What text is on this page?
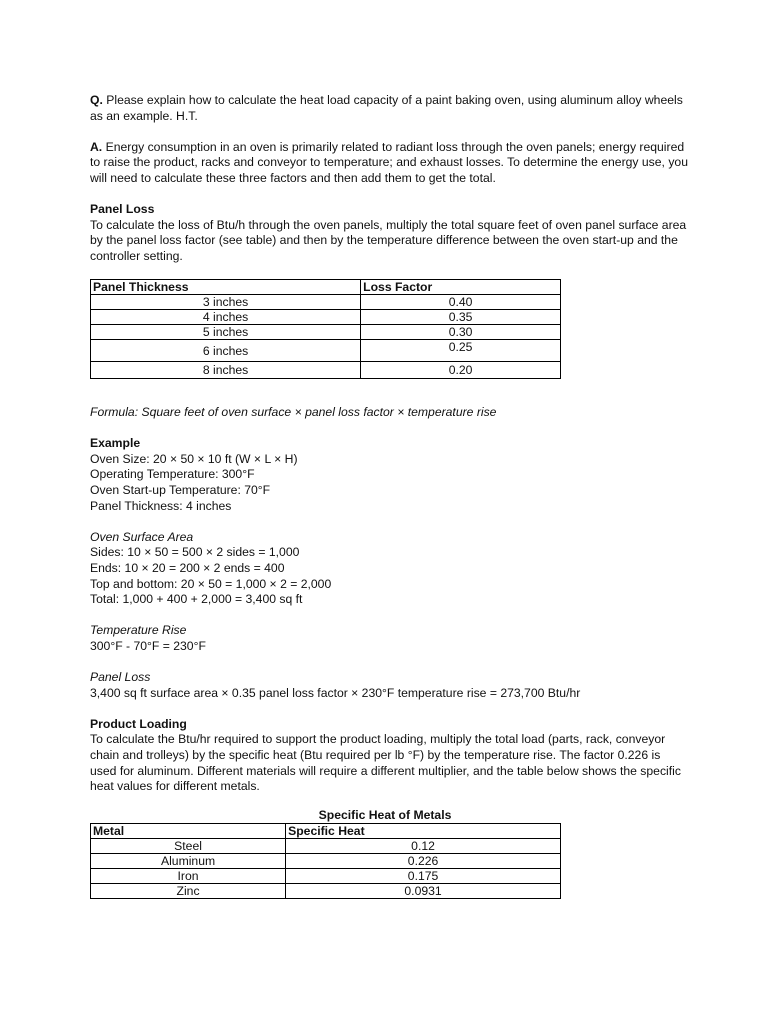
Q. Please explain how to calculate the heat load capacity of a paint baking oven, using aluminum alloy wheels as an example. H.T.

A. Energy consumption in an oven is primarily related to radiant loss through the oven panels; energy required to raise the product, racks and conveyor to temperature; and exhaust losses. To determine the energy use, you will need to calculate these three factors and then add them to get the total.

Panel Loss

To calculate the loss of Btu/h through the oven panels, multiply the total square feet of oven panel surface area by the panel loss factor (see table) and then by the temperature difference between the oven start-up and the controller setting.

Panel Thickness	Loss Factor
3 inches	0.40
4 inches	0.35
5 inches	0.30
6 inches	0.25
8 inches	0.20

Formula: Square feet of oven surface × panel loss factor × temperature rise

Example

Oven Size: 20 × 50 × 10 ft (W × L × H)

Operating Temperature: 300°F

Oven Start-up Temperature: 70°F

Panel Thickness: 4 inches

Oven Surface Area

Sides: 10 × 50 = 500 × 2 sides = 1,000

Ends: 10 × 20 = 200 × 2 ends = 400

Top and bottom: 20 × 50 = 1,000 × 2 = 2,000

Total: 1,000 + 400 + 2,000 = 3,400 sq ft

Temperature Rise

300°F - 70°F = 230°F

Panel Loss

3,400 sq ft surface area × 0.35 panel loss factor × 230°F temperature rise = 273,700 Btu/hr

Product Loading

To calculate the Btu/hr required to support the product loading, multiply the total load (parts, rack, conveyor chain and trolleys) by the specific heat (Btu required per lb °F) by the temperature rise. The factor 0.226 is used for aluminum. Different materials will require a different multiplier, and the table below shows the specific heat values for different metals.

Specific Heat of Metals
Metal	Specific Heat
Steel	0.12
Aluminum	0.226
Iron	0.175
Zinc	0.0931
